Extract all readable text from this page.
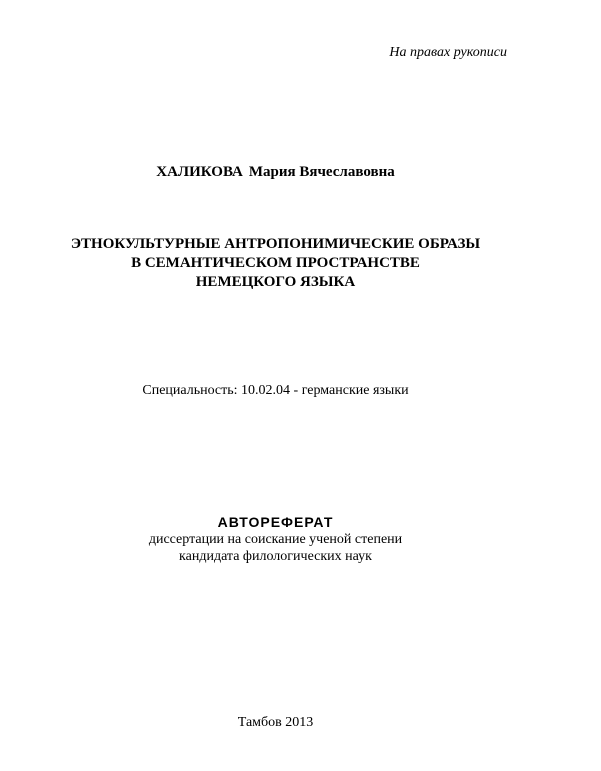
На правах рукописи
ХАЛИКОВА Мария Вячеславовна
ЭТНОКУЛЬТУРНЫЕ АНТРОПОНИМИЧЕСКИЕ ОБРАЗЫ
В СЕМАНТИЧЕСКОМ ПРОСТРАНСТВЕ
НЕМЕЦКОГО ЯЗЫКА
Специальность: 10.02.04 - германские языки
АВТОРЕФЕРАТ
диссертации на соискание ученой степени
кандидата филологических наук
Тамбов 2013
